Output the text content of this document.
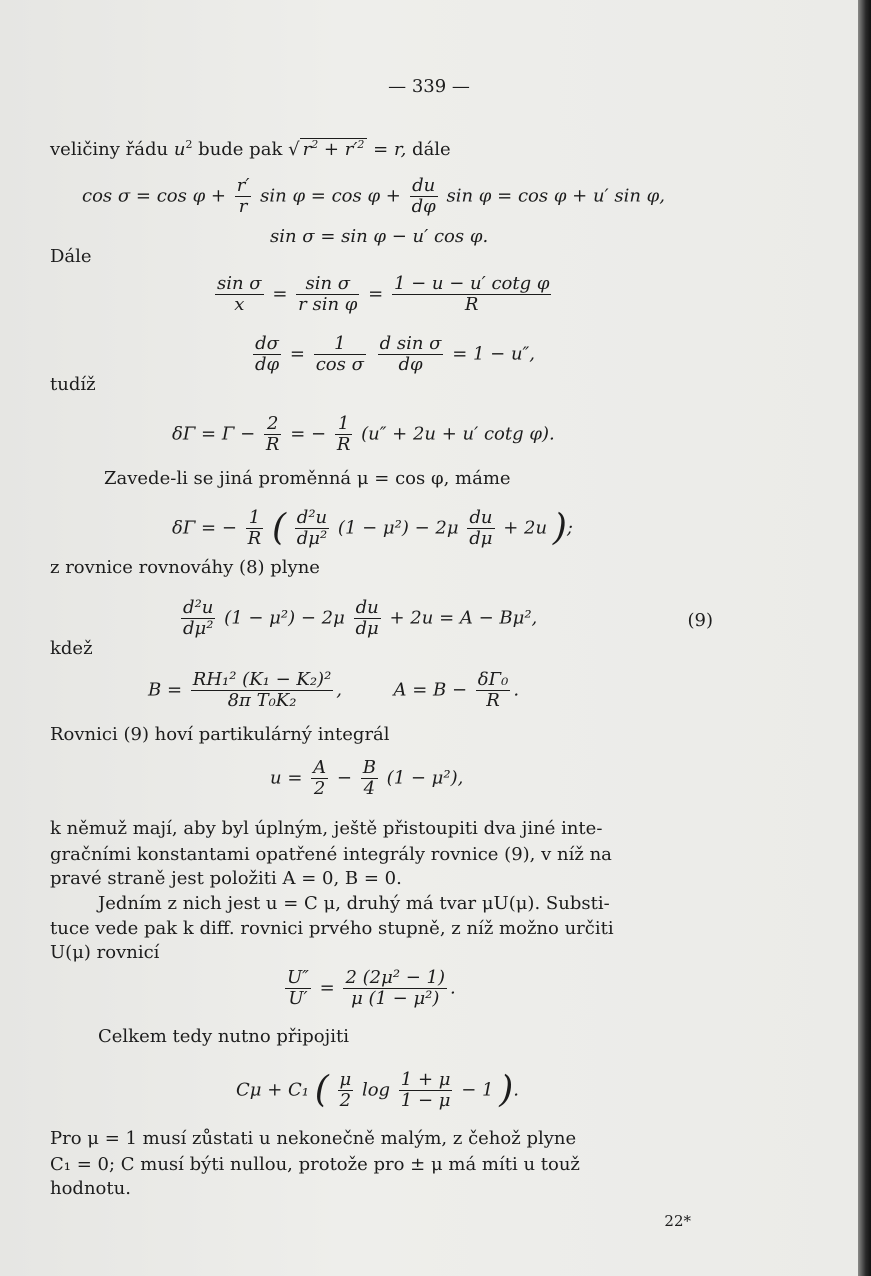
— 339 —
veličiny řádu $u^2$ bude pak √ $r^2 + r'^2 = r$, dále
$\cos \sigma = \cos \varphi + \frac{r'}{r}$ $\sin \varphi = \cos \varphi + \frac{du}{d\varphi}$ sin φ = cos φ + u′ sin φ,
sin σ = sin φ − u′ cos φ.
Dále
$\frac{\text{sin σ}}{x} = \frac{\text{sin σ}}{\text{r sin φ}} = \frac{\text{1 − u − u′ cotg φ}}{R}$
$\frac{d\sigma}{d\varphi} = \frac{1}{\text{cos σ}}$
$\frac{\text{d sin σ}}{d\varphi} = 1 - u''$,
tudíž
$\delta\Gamma = \Gamma - \frac{2}{R}$ = − $\frac{1}{R} (u'' + 2u + u'$ cotg φ).
Zavede-li se jiná proměnná μ = cos φ, máme
δΓ = − $\frac{1}{R}$ ( $\frac{\text{d²u}}{\text{dμ²}} (1 - \mu^2) - 2\mu \frac{du}{d\mu} + 2u$ );
z rovnice rovnováhy (8) plyne
$\frac{\text{d²u}}{\text{dμ²}} (1 - \mu^2) - 2\mu \frac{du}{d\mu} + 2u = A - B\mu^2$,	(9)
kdež
$B = \frac{\text{RH₁² (K₁ − K₂)²}}{\text{8π T₀K₂}}$ ,	$A = B - \frac{\text{δΓ₀}}{R}$ .
Rovnici (9) hoví partikulárný integrál
$u = \frac{A}{2} - \frac{B}{4} (1 - \mu^2)$,
k němuž mají, aby byl úplným, ještě přistoupiti dva jiné inte-
gračními konstantami opatřené integrály rovnice (9), v níž na
pravé straně jest položiti A = 0, B = 0.
Jedním z nich jest u = C μ, druhý má tvar μU(μ). Substi-
tuce vede pak k diff. rovnici prvého stupně, z níž možno určiti
U(μ) rovnicí
$\frac{U''}{U'} = \frac{\text{2 (2μ² − 1)}}{\text{μ (1 − μ²)}}$ .
Celkem tedy nutno připojiti
Cμ + C₁ ( $\frac{\mu}{2}$ $\log \frac{1 + \mu}{1 - \mu} - 1$ ).
Pro μ = 1 musí zůstati u nekonečně malým, z čehož plyne
C₁ = 0; C musí býti nullou, protože pro ± μ má míti u touž
hodnotu.
22*
